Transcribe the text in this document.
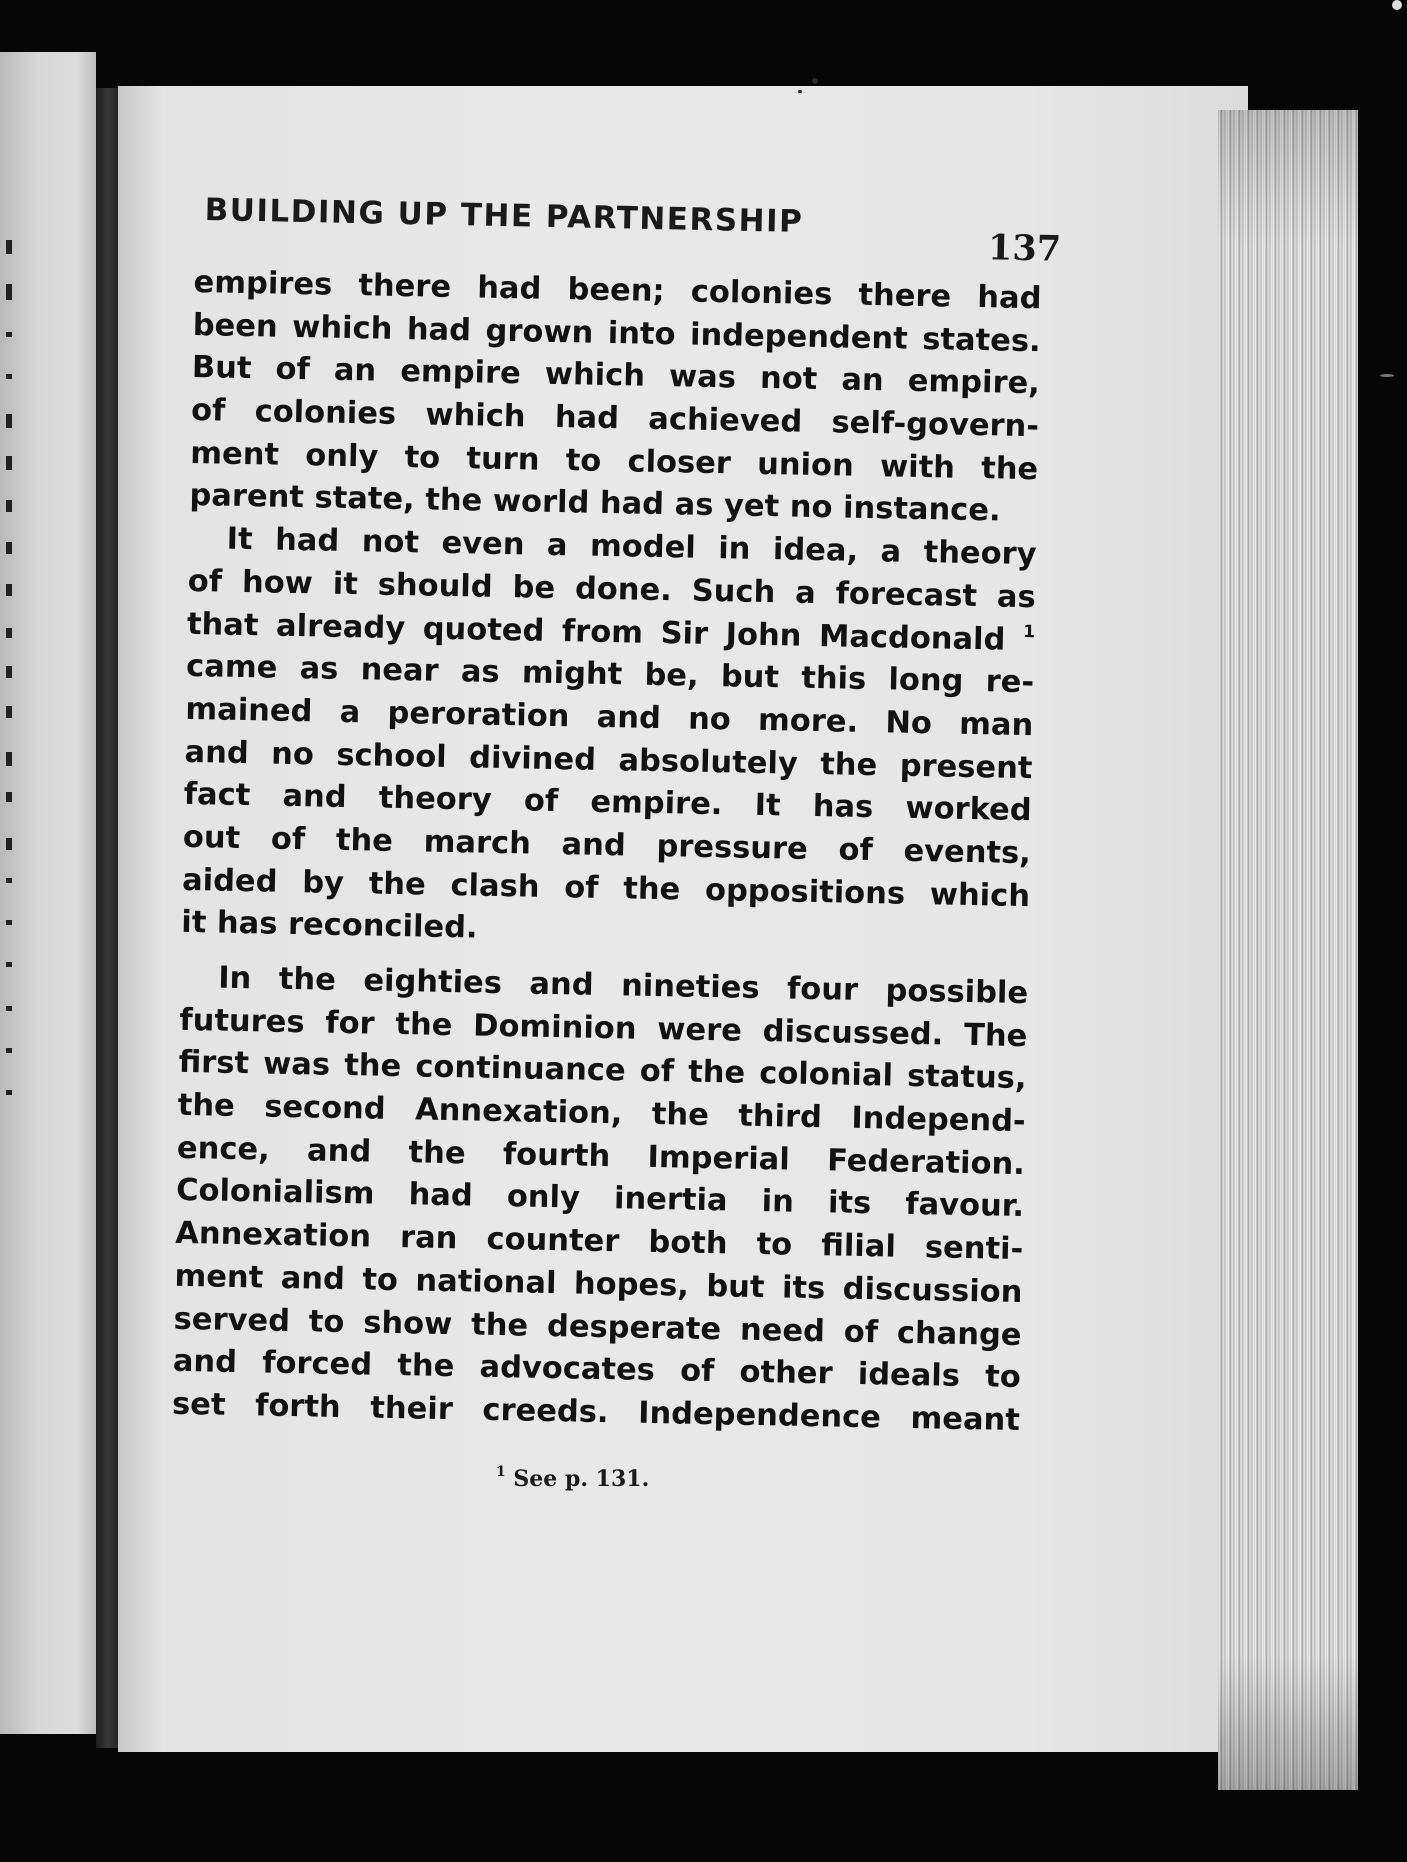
BUILDING UP THE PARTNERSHIP
137
empires there had been; colonies there had
been which had grown into independent states.
But of an empire which was not an empire,
of colonies which had achieved self-govern-
ment only to turn to closer union with the
parent state, the world had as yet no instance.
It had not even a model in idea, a theory
of how it should be done. Such a forecast as
that already quoted from Sir John Macdonald $^1$
came as near as might be, but this long re-
mained a peroration and no more. No man
and no school divined absolutely the present
fact and theory of empire. It has worked
out of the march and pressure of events,
aided by the clash of the oppositions which
it has reconciled.
In the eighties and nineties four possible
futures for the Dominion were discussed. The
first was the continuance of the colonial status,
the second Annexation, the third Independ-
ence, and the fourth Imperial Federation.
Colonialism had only inertia in its favour.
Annexation ran counter both to filial senti-
ment and to national hopes, but its discussion
served to show the desperate need of change
and forced the advocates of other ideals to
set forth their creeds. Independence meant
$^1$ See p. 131.
